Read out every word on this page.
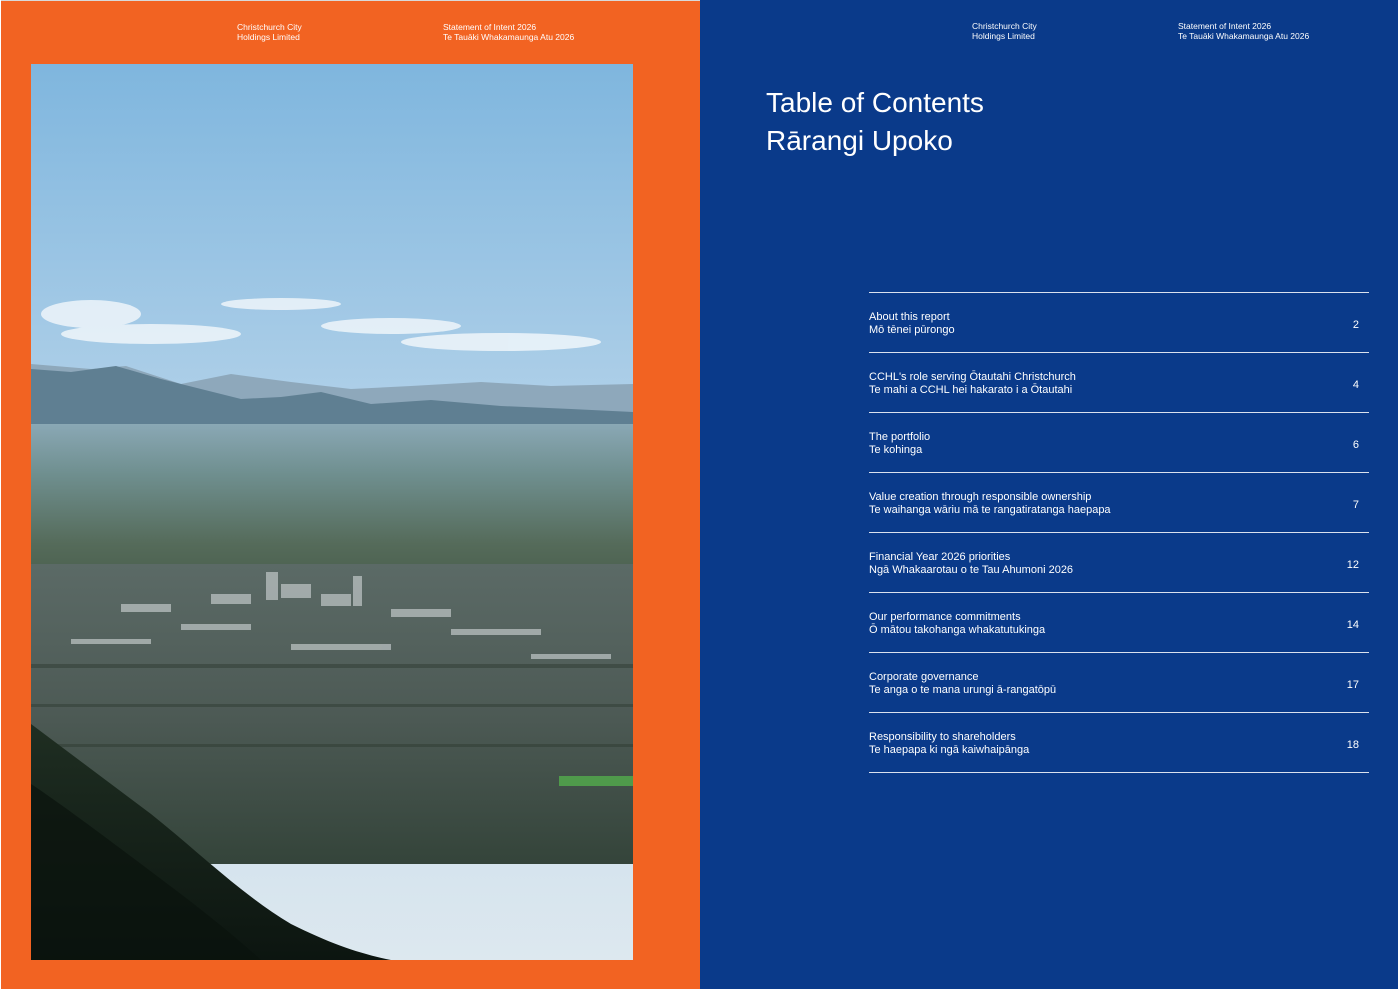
Christchurch City
Holdings Limited
Statement of Intent 2026
Te Tauāki Whakamaunga Atu 2026
Christchurch City
Holdings Limited
Statement of Intent 2026
Te Tauāki Whakamaunga Atu 2026
Table of Contents
Rārangi Upoko
About this report
Mō tēnei pūrongo	2
CCHL's role serving Ōtautahi Christchurch
Te mahi a CCHL hei hakarato i a Ōtautahi	4
The portfolio
Te kohinga	6
Value creation through responsible ownership
Te waihanga wāriu mā te rangatiratanga haepapa	7
Financial Year 2026 priorities
Ngā Whakaarotau o te Tau Ahumoni 2026	12
Our performance commitments
Ō mātou takohanga whakatutukinga	14
Corporate governance
Te anga o te mana urungi ā-rangatōpū	17
Responsibility to shareholders
Te haepapa ki ngā kaiwhaipānga	18
